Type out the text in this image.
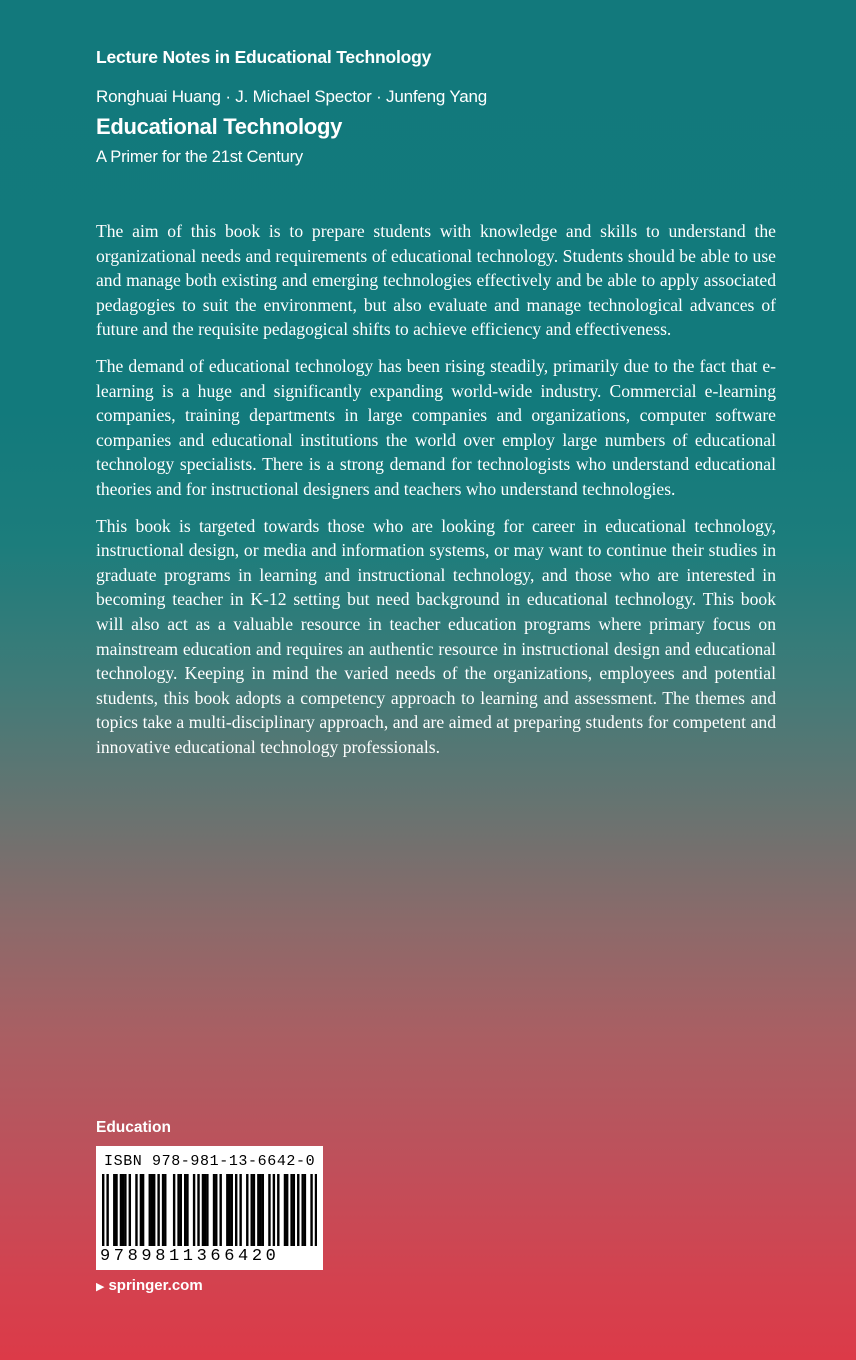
Lecture Notes in Educational Technology
Ronghuai Huang · J. Michael Spector · Junfeng Yang
Educational Technology
A Primer for the 21st Century

The aim of this book is to prepare students with knowledge and skills to understand the organizational needs and requirements of educational technology. Students should be able to use and manage both existing and emerging technologies effectively and be able to apply associated pedagogies to suit the environment, but also evaluate and manage technological advances of future and the requisite pedagogical shifts to achieve efficiency and effectiveness.

The demand of educational technology has been rising steadily, primarily due to the fact that e-learning is a huge and significantly expanding world-wide industry. Commercial e-learning companies, training departments in large companies and organizations, computer software companies and educational institutions the world over employ large numbers of educational technology specialists. There is a strong demand for technologists who understand educational theories and for instructional designers and teachers who understand technologies.

This book is targeted towards those who are looking for career in educational technology, instructional design, or media and information systems, or may want to continue their studies in graduate programs in learning and instructional technology, and those who are interested in becoming teacher in K-12 setting but need background in educational technology. This book will also act as a valuable resource in teacher education programs where primary focus on mainstream education and requires an authentic resource in instructional design and educational technology. Keeping in mind the varied needs of the organizations, employees and potential students, this book adopts a competency approach to learning and assessment. The themes and topics take a multi-disciplinary approach, and are aimed at preparing students for competent and innovative educational technology professionals.

Education
ISBN 978-981-13-6642-0
9789811366420
▶ springer.com
